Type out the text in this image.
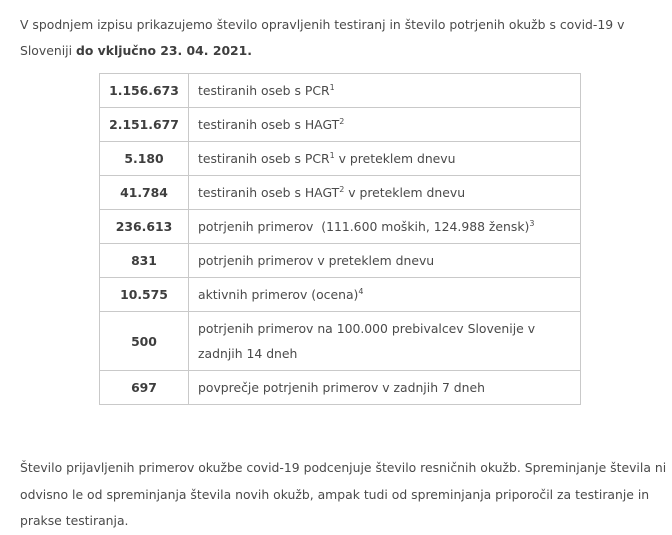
V spodnjem izpisu prikazujemo število opravljenih testiranj in število potrjenih okužb s covid-19 v Sloveniji do vključno 23. 04. 2021.

1.156.673	testiranih oseb s PCR$^1$
2.151.677	testiranih oseb s HAGT$^2$
5.180	testiranih oseb s PCR$^1$ v preteklem dnevu
41.784	testiranih oseb s HAGT$^2$ v preteklem dnevu
236.613	potrjenih primerov  (111.600 moških, 124.988 žensk)$^3$
831	potrjenih primerov v preteklem dnevu
10.575	aktivnih primerov (ocena)$^4$
500	potrjenih primerov na 100.000 prebivalcev Slovenije v zadnjih 14 dneh
697	povprečje potrjenih primerov v zadnjih 7 dneh

Število prijavljenih primerov okužbe covid-19 podcenjuje število resničnih okužb. Spreminjanje števila ni odvisno le od spreminjanja števila novih okužb, ampak tudi od spreminjanja priporočil za testiranje in prakse testiranja.
